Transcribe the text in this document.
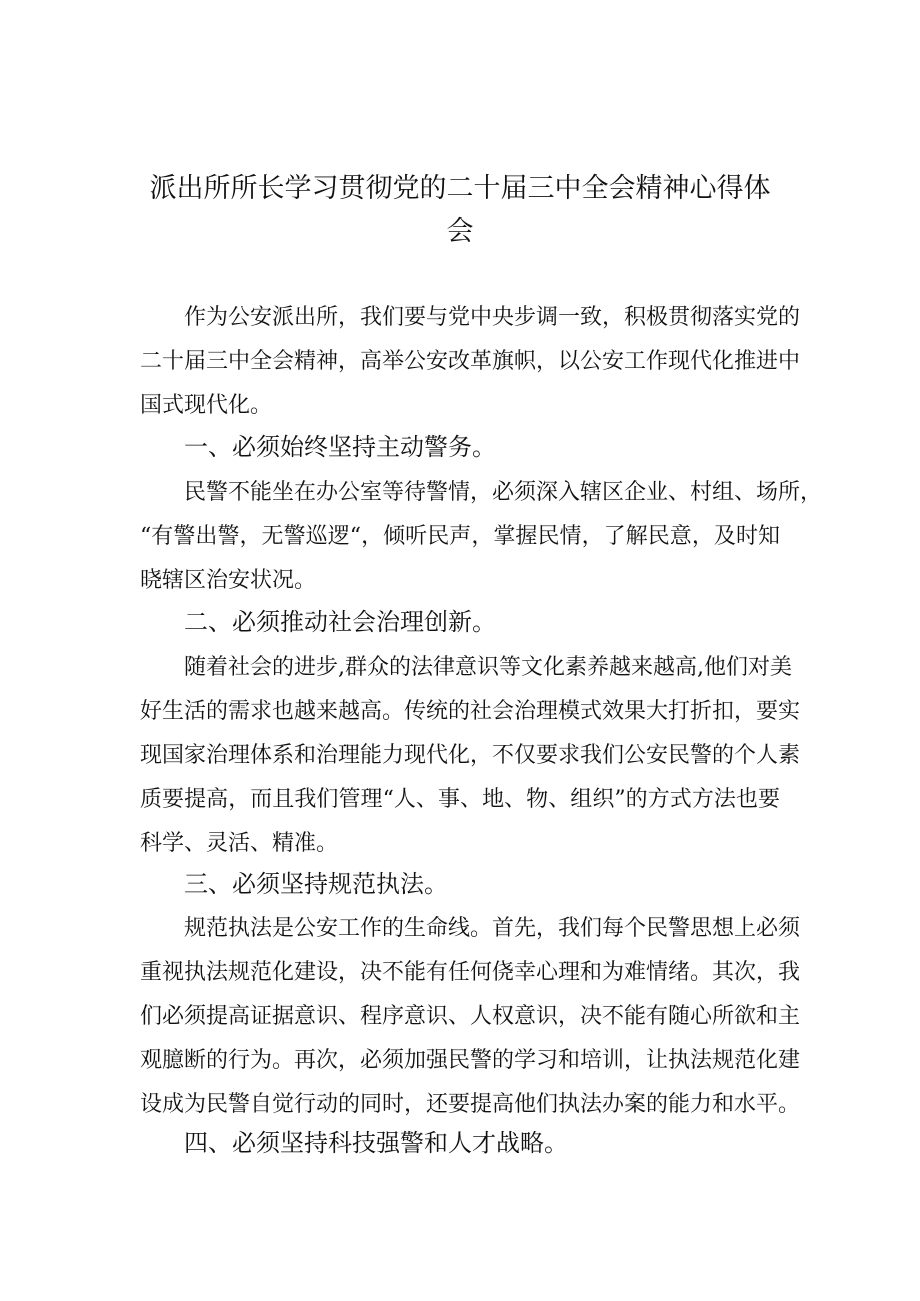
派出所所长学习贯彻党的二十届三中全会精神心得体
会

作为公安派出所，我们要与党中央步调一致，积极贯彻落实党的

二十届三中全会精神，高举公安改革旗帜，以公安工作现代化推进中

国式现代化。

一、必须始终坚持主动警务。

民警不能坐在办公室等待警情，必须深入辖区企业、村组、场所，

“有警出警，无警巡逻“，倾听民声，掌握民情，了解民意，及时知

晓辖区治安状况。

二、必须推动社会治理创新。

随着社会的进步,群众的法律意识等文化素养越来越高,他们对美

好生活的需求也越来越高。传统的社会治理模式效果大打折扣，要实

现国家治理体系和治理能力现代化，不仅要求我们公安民警的个人素

质要提高，而且我们管理“人、事、地、物、组织”的方式方法也要

科学、灵活、精准。

三、必须坚持规范执法。

规范执法是公安工作的生命线。首先，我们每个民警思想上必须

重视执法规范化建设，决不能有任何侥幸心理和为难情绪。其次，我

们必须提高证据意识、程序意识、人权意识，决不能有随心所欲和主

观臆断的行为。再次，必须加强民警的学习和培训，让执法规范化建

设成为民警自觉行动的同时，还要提高他们执法办案的能力和水平。

四、必须坚持科技强警和人才战略。
